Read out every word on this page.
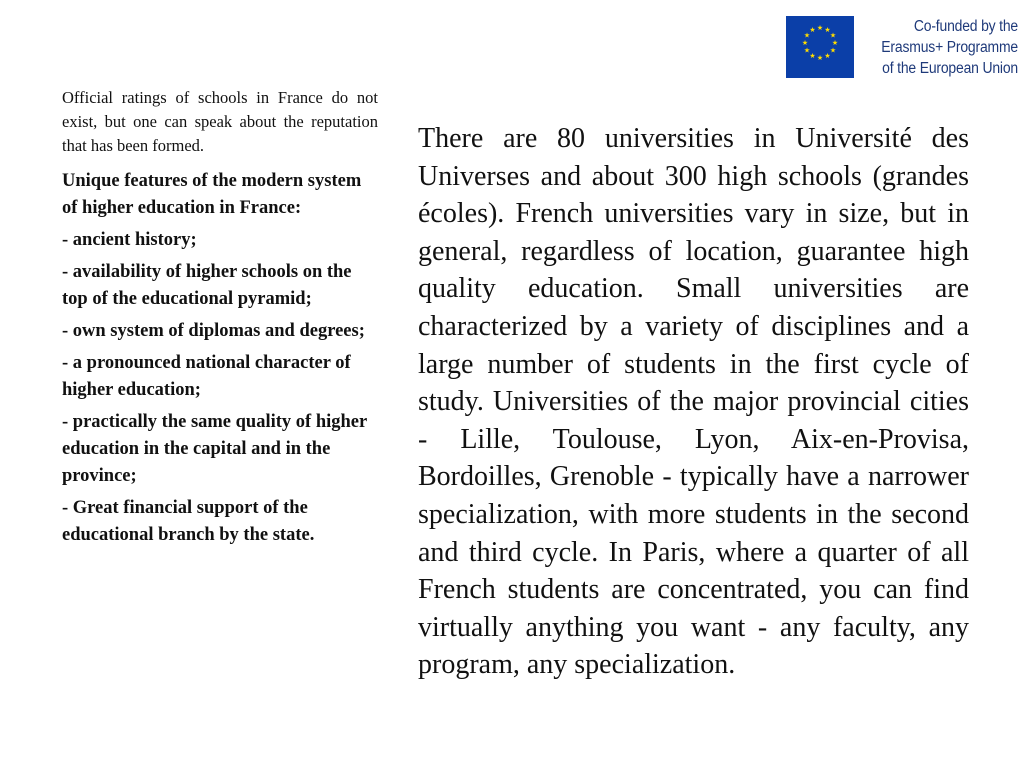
★ ★
★
★
★
★
★
★
★
★
★
★	Co-funded by the
Erasmus+ Programme
of the European Union

Official ratings of schools in France do not exist, but one can speak about the reputation that has been formed.

Unique features of the modern system of higher education in France:

- ancient history;

- availability of higher schools on the top of the educational pyramid;

- own system of diplomas and degrees;

- a pronounced national character of higher education;

- practically the same quality of higher education in the capital and in the province;

- Great financial support of the educational branch by the state.

There are 80 universities in Université des Universes and about 300 high schools (grandes écoles). French universities vary in size, but in general, regardless of location, guarantee high quality education. Small universities are characterized by a variety of disciplines and a large number of students in the first cycle of study. Universities of the major provincial cities - Lille, Toulouse, Lyon, Aix-en-Provisa, Bordoilles, Grenoble - typically have a narrower specialization, with more students in the second and third cycle. In Paris, where a quarter of all French students are concentrated, you can find virtually anything you want - any faculty, any program, any specialization.
